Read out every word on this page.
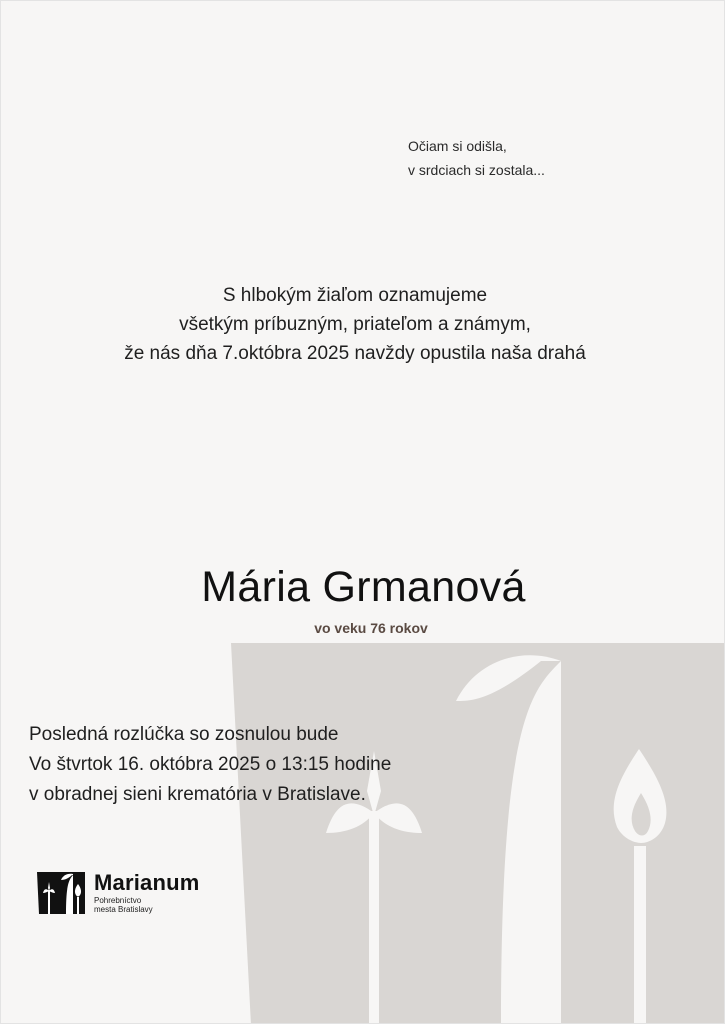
Očiam si odišla,
v srdciach si zostala...
S hlbokým žiaľom oznamujeme
všetkým príbuzným, priateľom a známym,
že nás dňa 7.októbra 2025 navždy opustila naša drahá
Mária Grmanová
vo veku 76 rokov
Posledná rozlúčka so zosnulou bude
Vo štvrtok 16. októbra 2025 o 13:15 hodine
v obradnej sieni krematória v Bratislave.
Marianum
Pohrebníctvo
mesta Bratislavy
